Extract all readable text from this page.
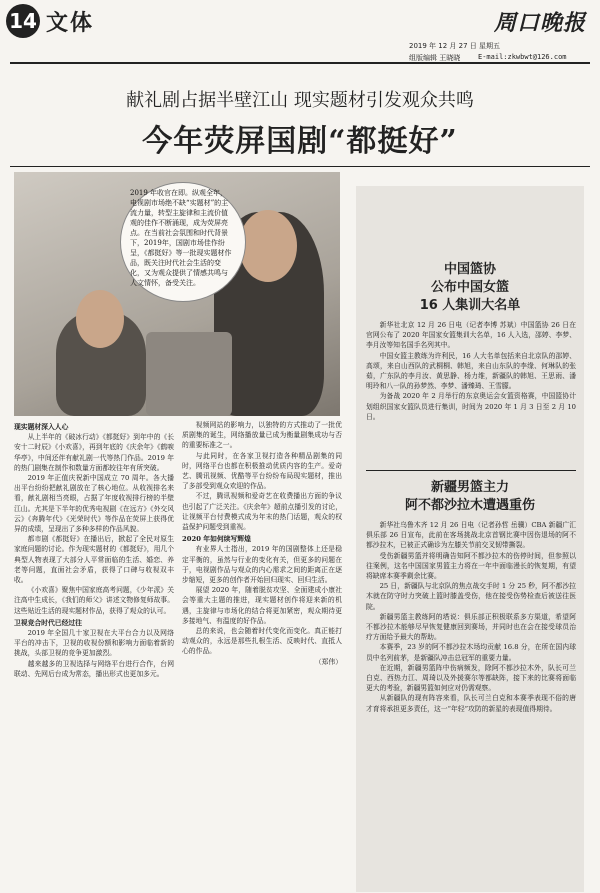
14 文体	周口晚报
2019 年 12 月 27 日 星期五
组版编辑 王晓晓	E-mail:zkwbwt@126.com
献礼剧占据半壁江山 现实题材引发观众共鸣
今年荧屏国剧“都挺好”
2019 年收官在即。纵观全年，电视剧市场绝不缺“实题材”的主流力量，转型主旋律和主流价值观的佳作不断涌现，成为荧屏亮点。在当前社会氛围和时代背景下，2019年，国剧市场佳作纷呈，《都挺好》等一批现实题材作品，既关注时代社会生活的变化，又为观众提供了情感共鸣与人文情怀，备受关注。

现实题材深入人心

从上半年的《破冰行动》《都挺好》到年中的《长安十二时辰》《小欢喜》，再到年底的《庆余年》《鹤唳华亭》，中间还伴有献礼剧一代等热门作品。2019 年的热门剧集在制作和数量方面都较往年有所突破。

2019 年正值庆祝新中国成立 70 周年。各大播出平台纷纷把献礼剧放在了核心地位。从收视排名来看，献礼剧相当亮眼，占据了年度收视排行榜的半壁江山。尤其是下半年的优秀电视剧《在远方》《外交风云》《奔腾年代》《光荣时代》等作品在荧屏上获得优异的成绩，呈现出了多种多样的作品风貌。

都市剧《都挺好》在播出后，掀起了全民对原生家庭问题的讨论。作为现实题材的《都挺好》，用几个典型人物表现了大部分人平常面临的生活、婚恋、养老等问题，直面社会矛盾，获得了口碑与收视双丰收。

《小欢喜》聚焦中国家庭高考问题，《少年派》关注高中生成长，《我们的师父》讲述文物修复师故事。这些贴近生活的现实题材作品，获得了观众的认可。

卫视竞合时代已经过往

2019 年全国几十家卫视在大平台合力以及网络平台的冲击下，卫视的收视份额和影响力面临着新的挑战，头部卫视的竞争更加激烈。

越来越多的卫视选择与网络平台进行合作，台网联动、先网后台成为常态，播出形式也更加多元。

视频网站的影响力，以独特的方式推动了一批优质剧集的诞生，网络播放量已成为衡量剧集成功与否的重要标准之一。

与此同时，在各家卫视打造各种精品剧集的同时，网络平台也都在积极推动优质内容的生产。爱奇艺、腾讯视频、优酷等平台纷纷布局现实题材，推出了多部受到观众欢迎的作品。

不过，腾讯视频和爱奇艺在收费播出方面的争议也引起了广泛关注。《庆余年》超前点播引发的讨论，让视频平台付费模式成为年末的热门话题，观众的权益保护问题受到重视。

2020 年如何续写辉煌

有业界人士指出，2019 年的国剧整体上还是稳定平衡的，虽然与行业的变化有关，但更多的问题在于，电视剧作品与观众的内心需求之间的距离正在逐步缩短，更多的创作者开始回归现实、回归生活。

展望 2020 年，随着脱贫攻坚、全面建成小康社会等重大主题的推进，现实题材创作将迎来新的机遇，主旋律与市场化的结合将更加紧密，观众期待更多接地气、有温度的好作品。

总的来说，也会随着时代变化而变化。真正能打动观众的，永远是那些扎根生活、反映时代、直抵人心的作品。

（郑伟）

中国篮协
公布中国女篮
16 人集训大名单

新华社北京 12 月 26 日电（记者李博 苏斌）中国篮协 26 日在官网公布了 2020 年国家女篮集训大名单，16 人入选，邵婷、李梦、李月汝等知名国手名列其中。

中国女篮主教练为许利民，16 人大名单包括来自北京队的邵婷、高颂，来自山西队的武桐桐、韩旭，来自山东队的李缘、何琳队的张茹，广东队的李月汝、黄思静、杨力维，新疆队的韩旭、王思雨、潘明玲和八一队的孙梦然、李梦、潘臻琦、王雪朦。

为备战 2020 年 2 月举行的东京奥运会女篮资格赛，中国篮协计划组织国家女篮队员进行集训，时间为 2020 年 1 月 3 日至 2 月 10 日。

新疆男篮主力
阿不都沙拉木遭遇重伤

新华社乌鲁木齐 12 月 26 日电（记者孙哲 岳骥）CBA 新疆广汇俱乐部 26 日宣布，此前在客场挑战北京首钢比赛中因伤退场的阿不都沙拉木，已被正式确诊为左膝关节前交叉韧带撕裂。

受伤新疆男篮并将明确告知阿不都沙拉木的伤停时间，但参照以往案例，这名中国国家男篮主力将在一年中面临漫长的恢复期，有望将缺席本赛季剩余比赛。

25 日，新疆队与北京队的焦点战交手时 1 分 25 秒，阿不都沙拉木就在防守时力突破上篮时膝盖受伤，他在接受伤势检查后被送往医院。

新疆男篮主教练阿的塔说：俱乐部正积极联系多方渠道，希望阿不都沙拉木能够尽早恢复健康回到赛场，并同时也在会在接受球员治疗方面给予最大的帮助。

本赛季，23 岁的阿不都沙拉木场均贡献 16.8 分，在所在国内球员中名列前茅，是新疆队冲击总冠军的重要力量。

在近期，新疆男篮阵中伤病频发，除阿不都沙拉木外，队长可兰白克、西热力江、周琦以及外援赛尔等都缺阵，接下来的比赛将面临更大的考验，新疆男篮如何应对仍需观察。

从新疆队的现有阵容来看，队长可兰白克和本赛季表现不俗的唐才育将承担更多责任，这一“年轻”攻防的新星的表现值得期待。
